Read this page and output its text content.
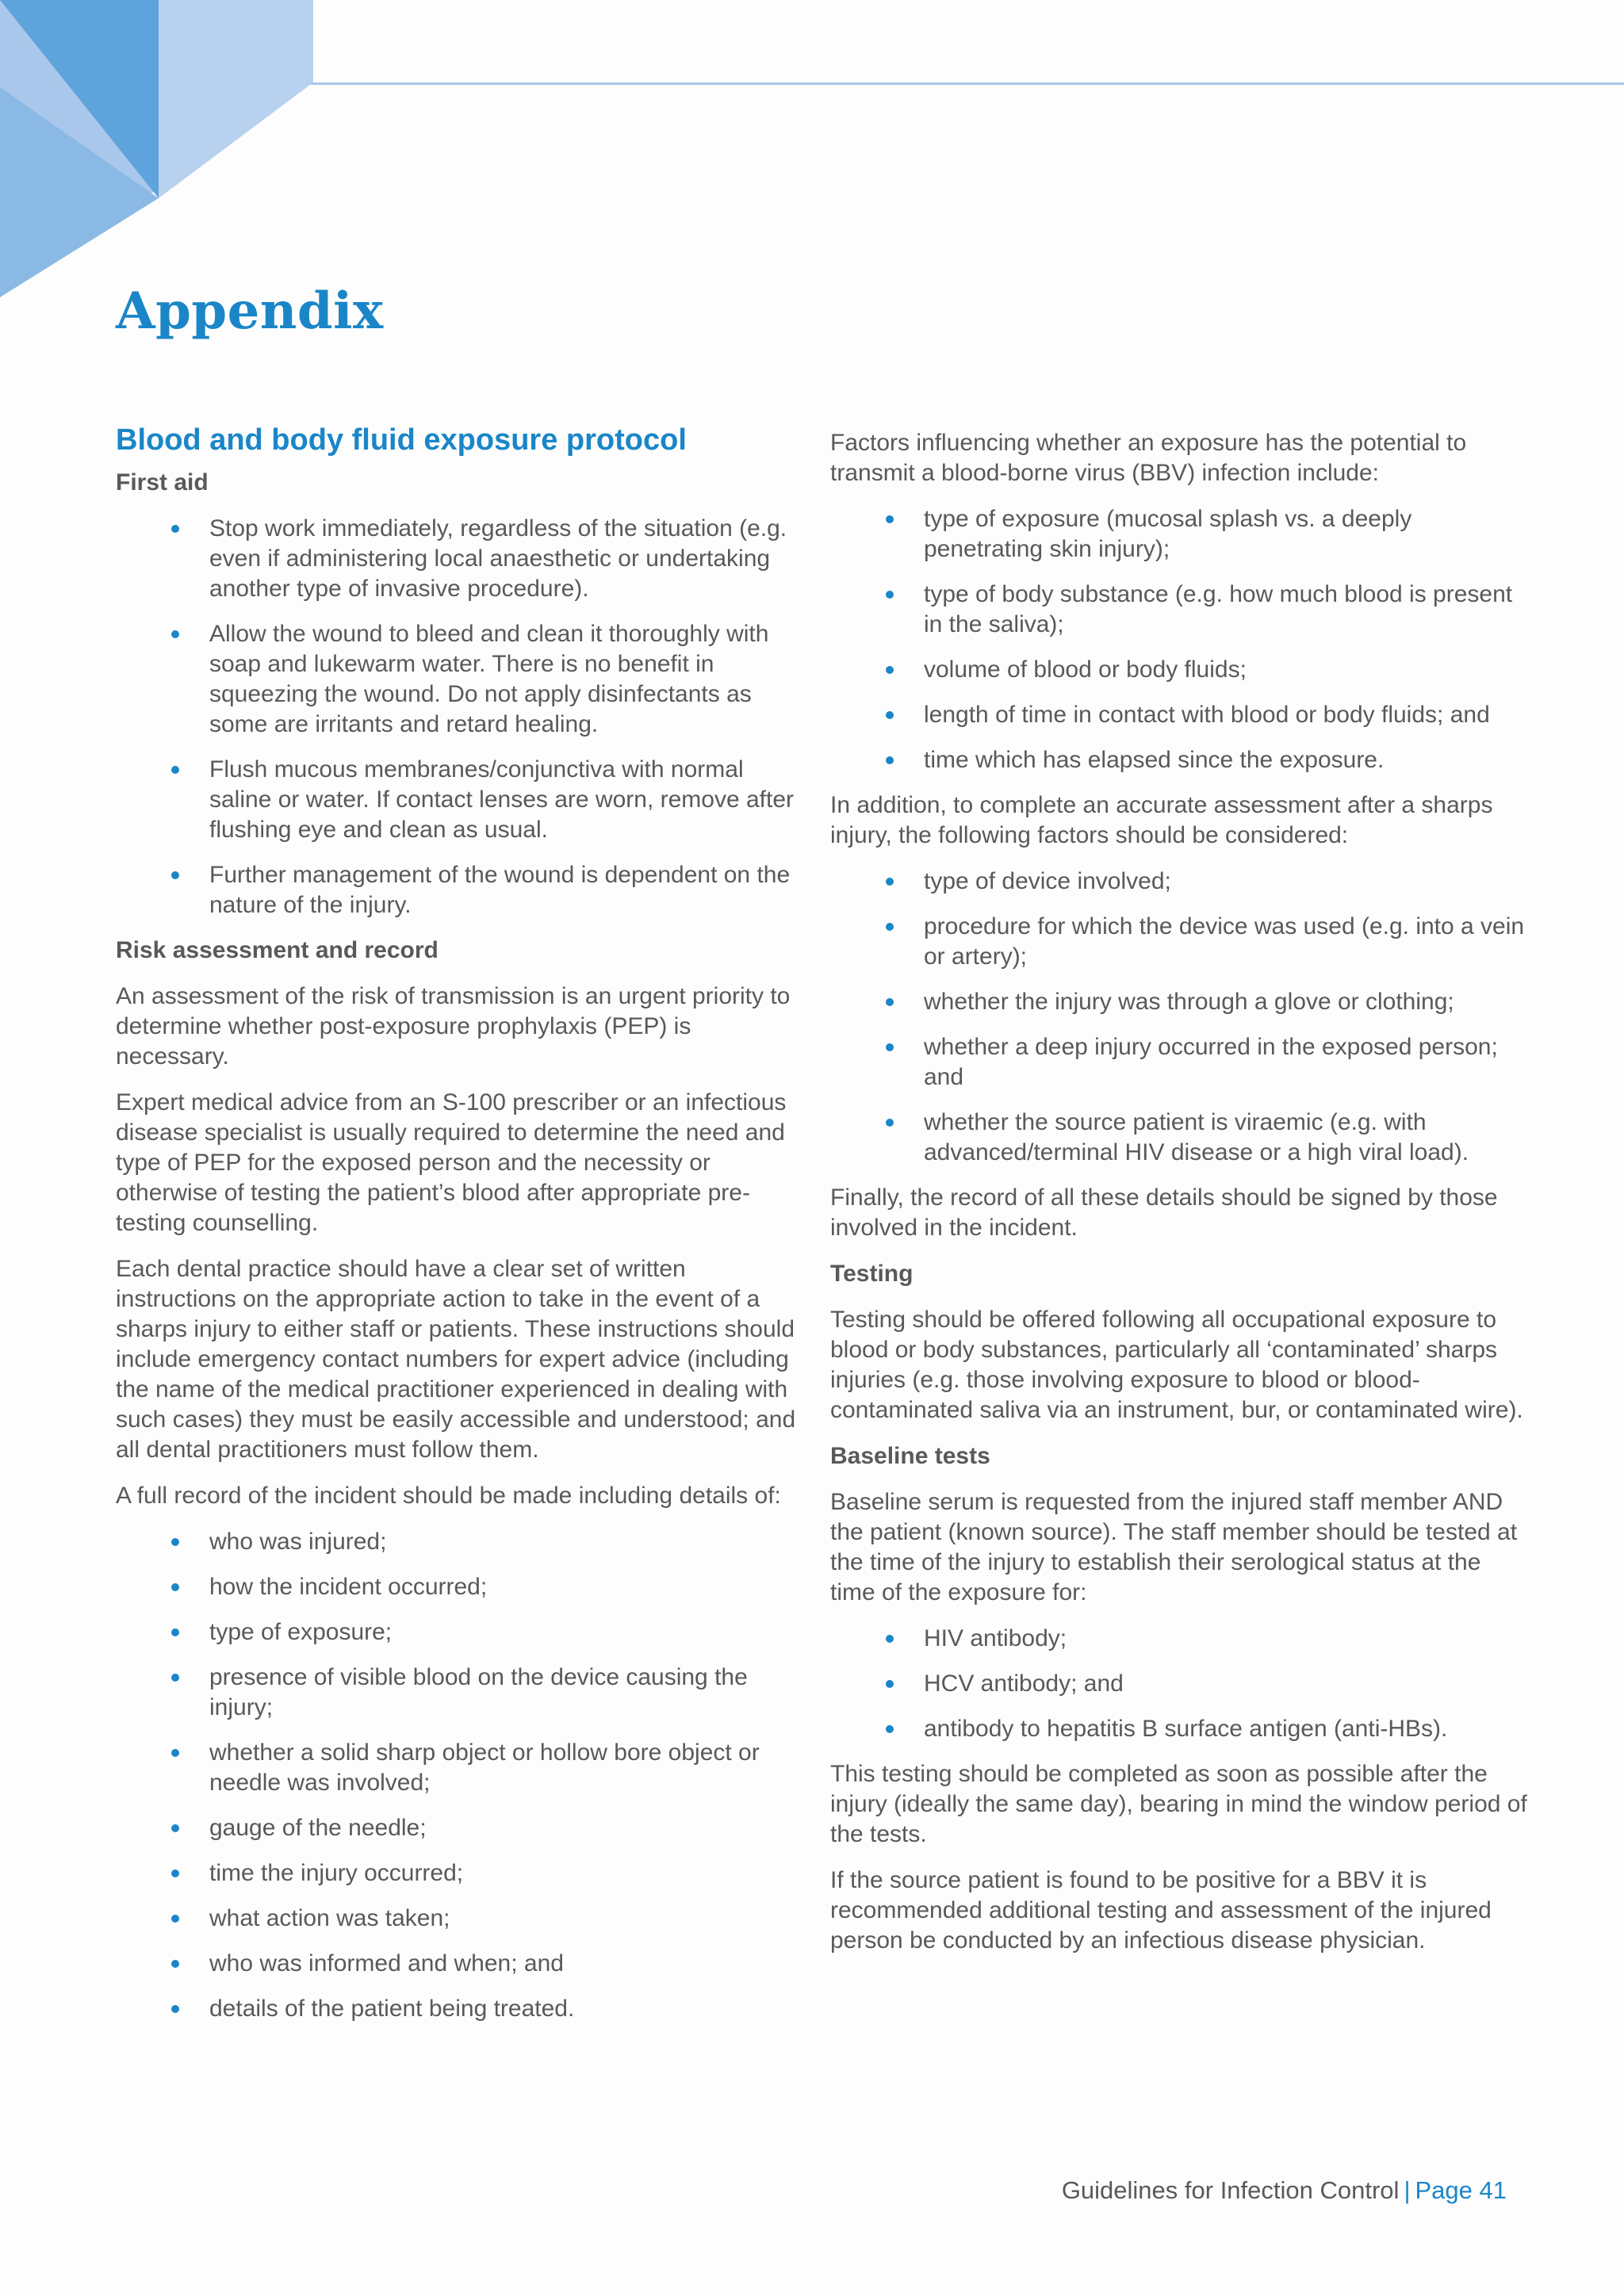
Appendix
Blood and body fluid exposure protocol
First aid
Stop work immediately, regardless of the situation (e.g. even if administering local anaesthetic or undertaking another type of invasive procedure).
Allow the wound to bleed and clean it thoroughly with soap and lukewarm water. There is no benefit in squeezing the wound. Do not apply disinfectants as some are irritants and retard healing.
Flush mucous membranes/conjunctiva with normal saline or water. If contact lenses are worn, remove after flushing eye and clean as usual.
Further management of the wound is dependent on the nature of the injury.
Risk assessment and record

An assessment of the risk of transmission is an urgent priority to determine whether post-exposure prophylaxis (PEP) is necessary.

Expert medical advice from an S-100 prescriber or an infectious disease specialist is usually required to determine the need and type of PEP for the exposed person and the necessity or otherwise of testing the patient’s blood after appropriate pre-testing counselling.

Each dental practice should have a clear set of written instructions on the appropriate action to take in the event of a sharps injury to either staff or patients. These instructions should include emergency contact numbers for expert advice (including the name of the medical practitioner experienced in dealing with such cases) they must be easily accessible and understood; and all dental practitioners must follow them.

A full record of the incident should be made including details of:

who was injured;
how the incident occurred;
type of exposure;
presence of visible blood on the device causing the injury;
whether a solid sharp object or hollow bore object or needle was involved;
gauge of the needle;
time the injury occurred;
what action was taken;
who was informed and when; and
details of the patient being treated.

Factors influencing whether an exposure has the potential to transmit a blood-borne virus (BBV) infection include:

type of exposure (mucosal splash vs. a deeply penetrating skin injury);
type of body substance (e.g. how much blood is present in the saliva);
volume of blood or body fluids;
length of time in contact with blood or body fluids; and
time which has elapsed since the exposure.

In addition, to complete an accurate assessment after a sharps injury, the following factors should be considered:

type of device involved;
procedure for which the device was used (e.g. into a vein or artery);
whether the injury was through a glove or clothing;
whether a deep injury occurred in the exposed person; and
whether the source patient is viraemic (e.g. with advanced/terminal HIV disease or a high viral load).

Finally, the record of all these details should be signed by those involved in the incident.

Testing

Testing should be offered following all occupational exposure to blood or body substances, particularly all ‘contaminated’ sharps injuries (e.g. those involving exposure to blood or blood-contaminated saliva via an instrument, bur, or contaminated wire).

Baseline tests

Baseline serum is requested from the injured staff member AND the patient (known source). The staff member should be tested at the time of the injury to establish their serological status at the time of the exposure for:

HIV antibody;
HCV antibody; and
antibody to hepatitis B surface antigen (anti-HBs).

This testing should be completed as soon as possible after the injury (ideally the same day), bearing in mind the window period of the tests.

If the source patient is found to be positive for a BBV it is recommended additional testing and assessment of the injured person be conducted by an infectious disease physician.

Guidelines for Infection Control | Page 41
